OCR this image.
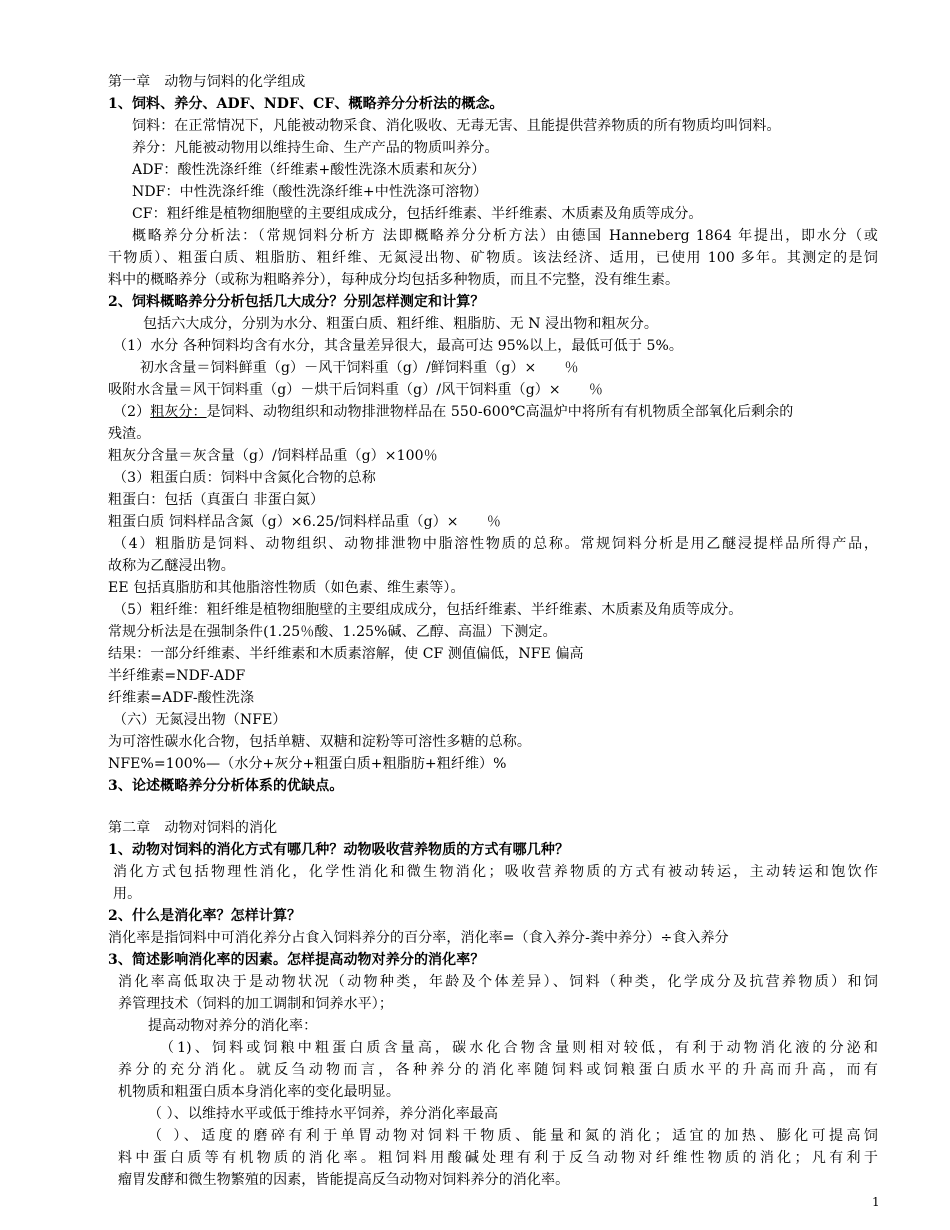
第一章　动物与饲料的化学组成
1、饲料、养分、ADF、NDF、CF、概略养分分析法的概念。
饲料：在正常情况下，凡能被动物采食、消化吸收、无毒无害、且能提供营养物质的所有物质均叫饲料。
养分：凡能被动物用以维持生命、生产产品的物质叫养分。
ADF：酸性洗涤纤维（纤维素+酸性洗涤木质素和灰分）
NDF：中性洗涤纤维（酸性洗涤纤维+中性洗涤可溶物）
CF：粗纤维是植物细胞壁的主要组成成分，包括纤维素、半纤维素、木质素及角质等成分。
概略养分分析法：（常规饲料分析方 法即概略养分分析方法）由德国 Hanneberg 1864 年提出，即水分（或
干物质）、粗蛋白质、粗脂肪、粗纤维、无氮浸出物、矿物质。该法经济、适用，已使用 100 多年。其测定的是饲
料中的概略养分（或称为粗略养分），每种成分均包括多种物质，而且不完整，没有维生素。
2、饲料概略养分分析包括几大成分？分别怎样测定和计算？
包括六大成分，分别为水分、粗蛋白质、粗纤维、粗脂肪、无 N 浸出物和粗灰分。
（1）水分 各种饲料均含有水分，其含量差异很大，最高可达 95%以上，最低可低于 5%。
初水含量＝饲料鲜重（g）－风干饲料重（g）/鲜饲料重（g）×　　％
吸附水含量＝风干饲料重（g）－烘干后饲料重（g）/风干饲料重（g）×　　％
（2）粗灰分：是饲料、动物组织和动物排泄物样品在 550-600℃高温炉中将所有有机物质全部氧化后剩余的
残渣。
粗灰分含量＝灰含量（g）/饲料样品重（g）×100％
（3）粗蛋白质：饲料中含氮化合物的总称
粗蛋白：包括（真蛋白 非蛋白氮）
粗蛋白质 饲料样品含氮（g）×6.25/饲料样品重（g）×　　％
（4）粗脂肪是饲料、动物组织、动物排泄物中脂溶性物质的总称。常规饲料分析是用乙醚浸提样品所得产品，
故称为乙醚浸出物。
EE 包括真脂肪和其他脂溶性物质（如色素、维生素等）。
（5）粗纤维：粗纤维是植物细胞壁的主要组成成分，包括纤维素、半纤维素、木质素及角质等成分。
常规分析法是在强制条件(1.25％酸、1.25%碱、乙醇、高温）下测定。
结果：一部分纤维素、半纤维素和木质素溶解，使 CF 测值偏低，NFE 偏高
半纤维素=NDF-ADF
纤维素=ADF-酸性洗涤
（六）无氮浸出物（NFE）
为可溶性碳水化合物，包括单糖、双糖和淀粉等可溶性多糖的总称。
NFE%=100%—（水分+灰分+粗蛋白质+粗脂肪+粗纤维）%
3、论述概略养分分析体系的优缺点。
第二章　动物对饲料的消化
1、动物对饲料的消化方式有哪几种？动物吸收营养物质的方式有哪几种？
消化方式包括物理性消化，化学性消化和微生物消化；吸收营养物质的方式有被动转运，主动转运和饱饮作
用。
2、什么是消化率？怎样计算？
消化率是指饲料中可消化养分占食入饲料养分的百分率，消化率=（食入养分-粪中养分）÷食入养分
3、简述影响消化率的因素。怎样提高动物对养分的消化率？
消化率高低取决于是动物状况（动物种类，年龄及个体差异）、饲料（种类，化学成分及抗营养物质）和饲
养管理技术（饲料的加工调制和饲养水平）；
提高动物对养分的消化率：
（1)、饲料或饲粮中粗蛋白质含量高，碳水化合物含量则相对较低，有利于动物消化液的分泌和
养分的充分消化。就反刍动物而言，各种养分的消化率随饲料或饲粮蛋白质水平的升高而升高，而有
机物质和粗蛋白质本身消化率的变化最明显。
（ ）、以维持水平或低于维持水平饲养，养分消化率最高
（ ）、适度的磨碎有利于单胃动物对饲料干物质、能量和氮的消化；适宜的加热、膨化可提高饲
料中蛋白质等有机物质的消化率。粗饲料用酸碱处理有利于反刍动物对纤维性物质的消化；凡有利于
瘤胃发酵和微生物繁殖的因素，皆能提高反刍动物对饲料养分的消化率。
1
